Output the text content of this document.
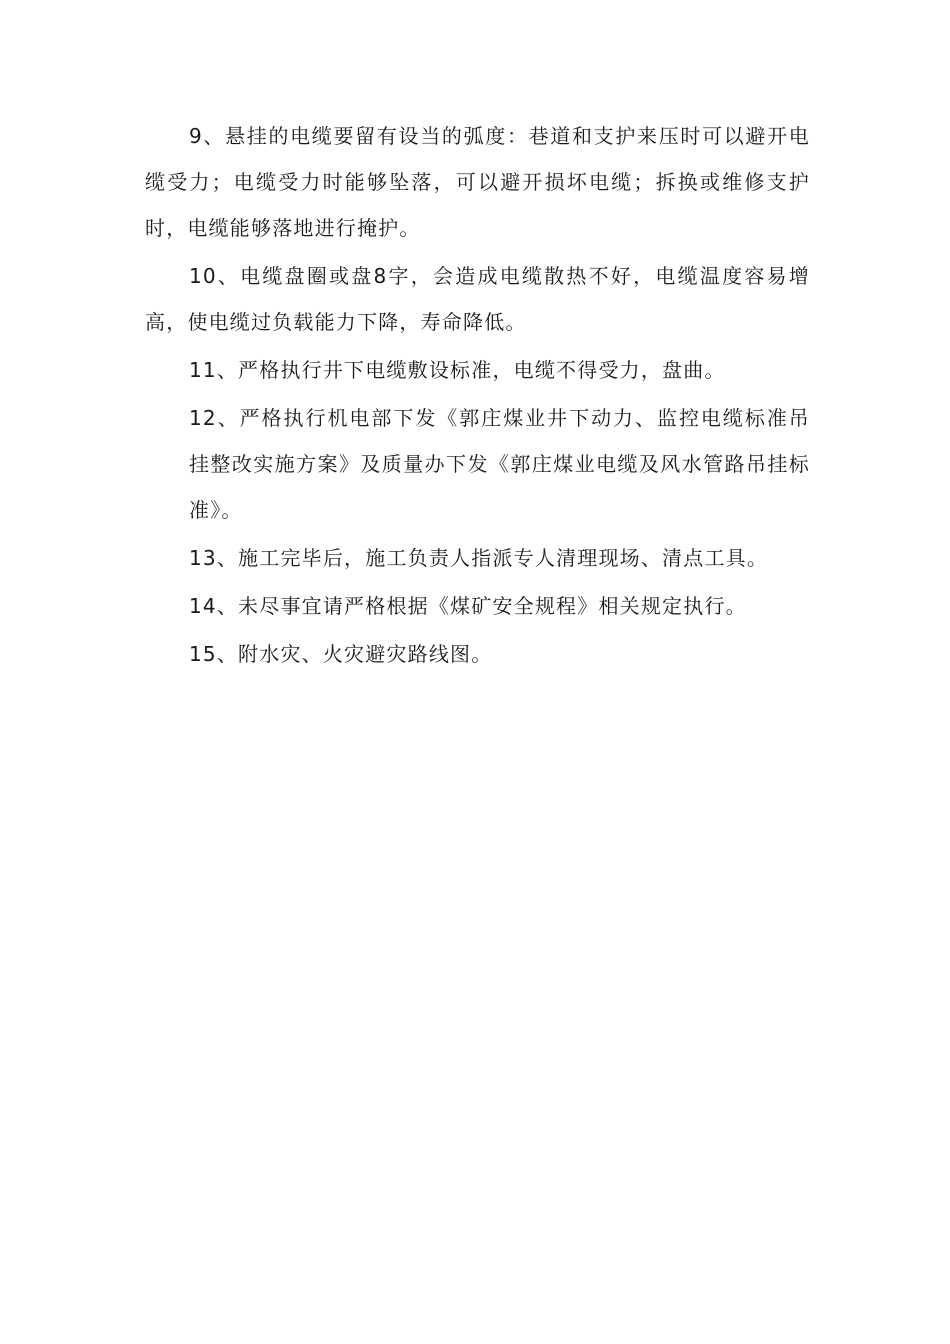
9、悬挂的电缆要留有设当的弧度：巷道和支护来压时可以避开电缆受力；电缆受力时能够坠落，可以避开损坏电缆；拆换或维修支护时，电缆能够落地进行掩护。

10、电缆盘圈或盘8字，会造成电缆散热不好，电缆温度容易增高，使电缆过负载能力下降，寿命降低。

11、严格执行井下电缆敷设标准，电缆不得受力，盘曲。

12、严格执行机电部下发《郭庄煤业井下动力、监控电缆标准吊挂整改实施方案》及质量办下发《郭庄煤业电缆及风水管路吊挂标准》。

13、施工完毕后，施工负责人指派专人清理现场、清点工具。

14、未尽事宜请严格根据《煤矿安全规程》相关规定执行。

15、附水灾、火灾避灾路线图。
